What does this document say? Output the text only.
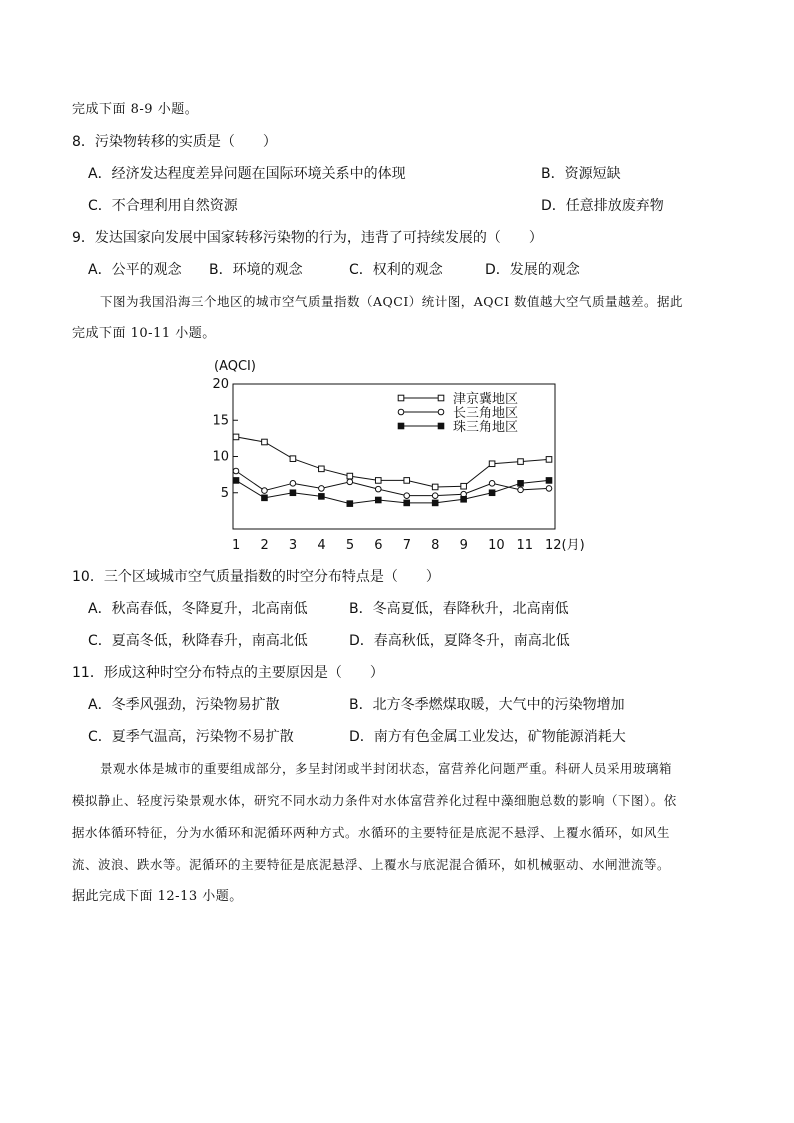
完成下面 8-9 小题。
8．污染物转移的实质是（　　）
A．经济发达程度差异问题在国际环境关系中的体现	B．资源短缺
C．不合理利用自然资源	D．任意排放废弃物
9．发达国家向发展中国家转移污染物的行为，违背了可持续发展的（　　）
A．公平的观念 B．环境的观念	C．权利的观念	D．发展的观念
下图为我国沿海三个地区的城市空气质量指数（AQCI）统计图，AQCI 数值越大空气质量越差。据此
完成下面 10-11 小题。
(AQCI)
5
10
15
20
1 2 3 4 5 6 7 8 9 10 11 12(月)
津京冀地区
长三角地区
珠三角地区
10．三个区域城市空气质量指数的时空分布特点是（　　）
A．秋高春低，冬降夏升，北高南低	B．冬高夏低，春降秋升，北高南低
C．夏高冬低，秋降春升，南高北低	D．春高秋低，夏降冬升，南高北低
11．形成这种时空分布特点的主要原因是（　　）
A．冬季风强劲，污染物易扩散	B．北方冬季燃煤取暖，大气中的污染物增加
C．夏季气温高，污染物不易扩散	D．南方有色金属工业发达，矿物能源消耗大
景观水体是城市的重要组成部分，多呈封闭或半封闭状态，富营养化问题严重。科研人员采用玻璃箱
模拟静止、轻度污染景观水体，研究不同水动力条件对水体富营养化过程中藻细胞总数的影响（下图）。依
据水体循环特征，分为水循环和泥循环两种方式。水循环的主要特征是底泥不悬浮、上覆水循环，如风生
流、波浪、跌水等。泥循环的主要特征是底泥悬浮、上覆水与底泥混合循环，如机械驱动、水闸泄流等。
据此完成下面 12-13 小题。
